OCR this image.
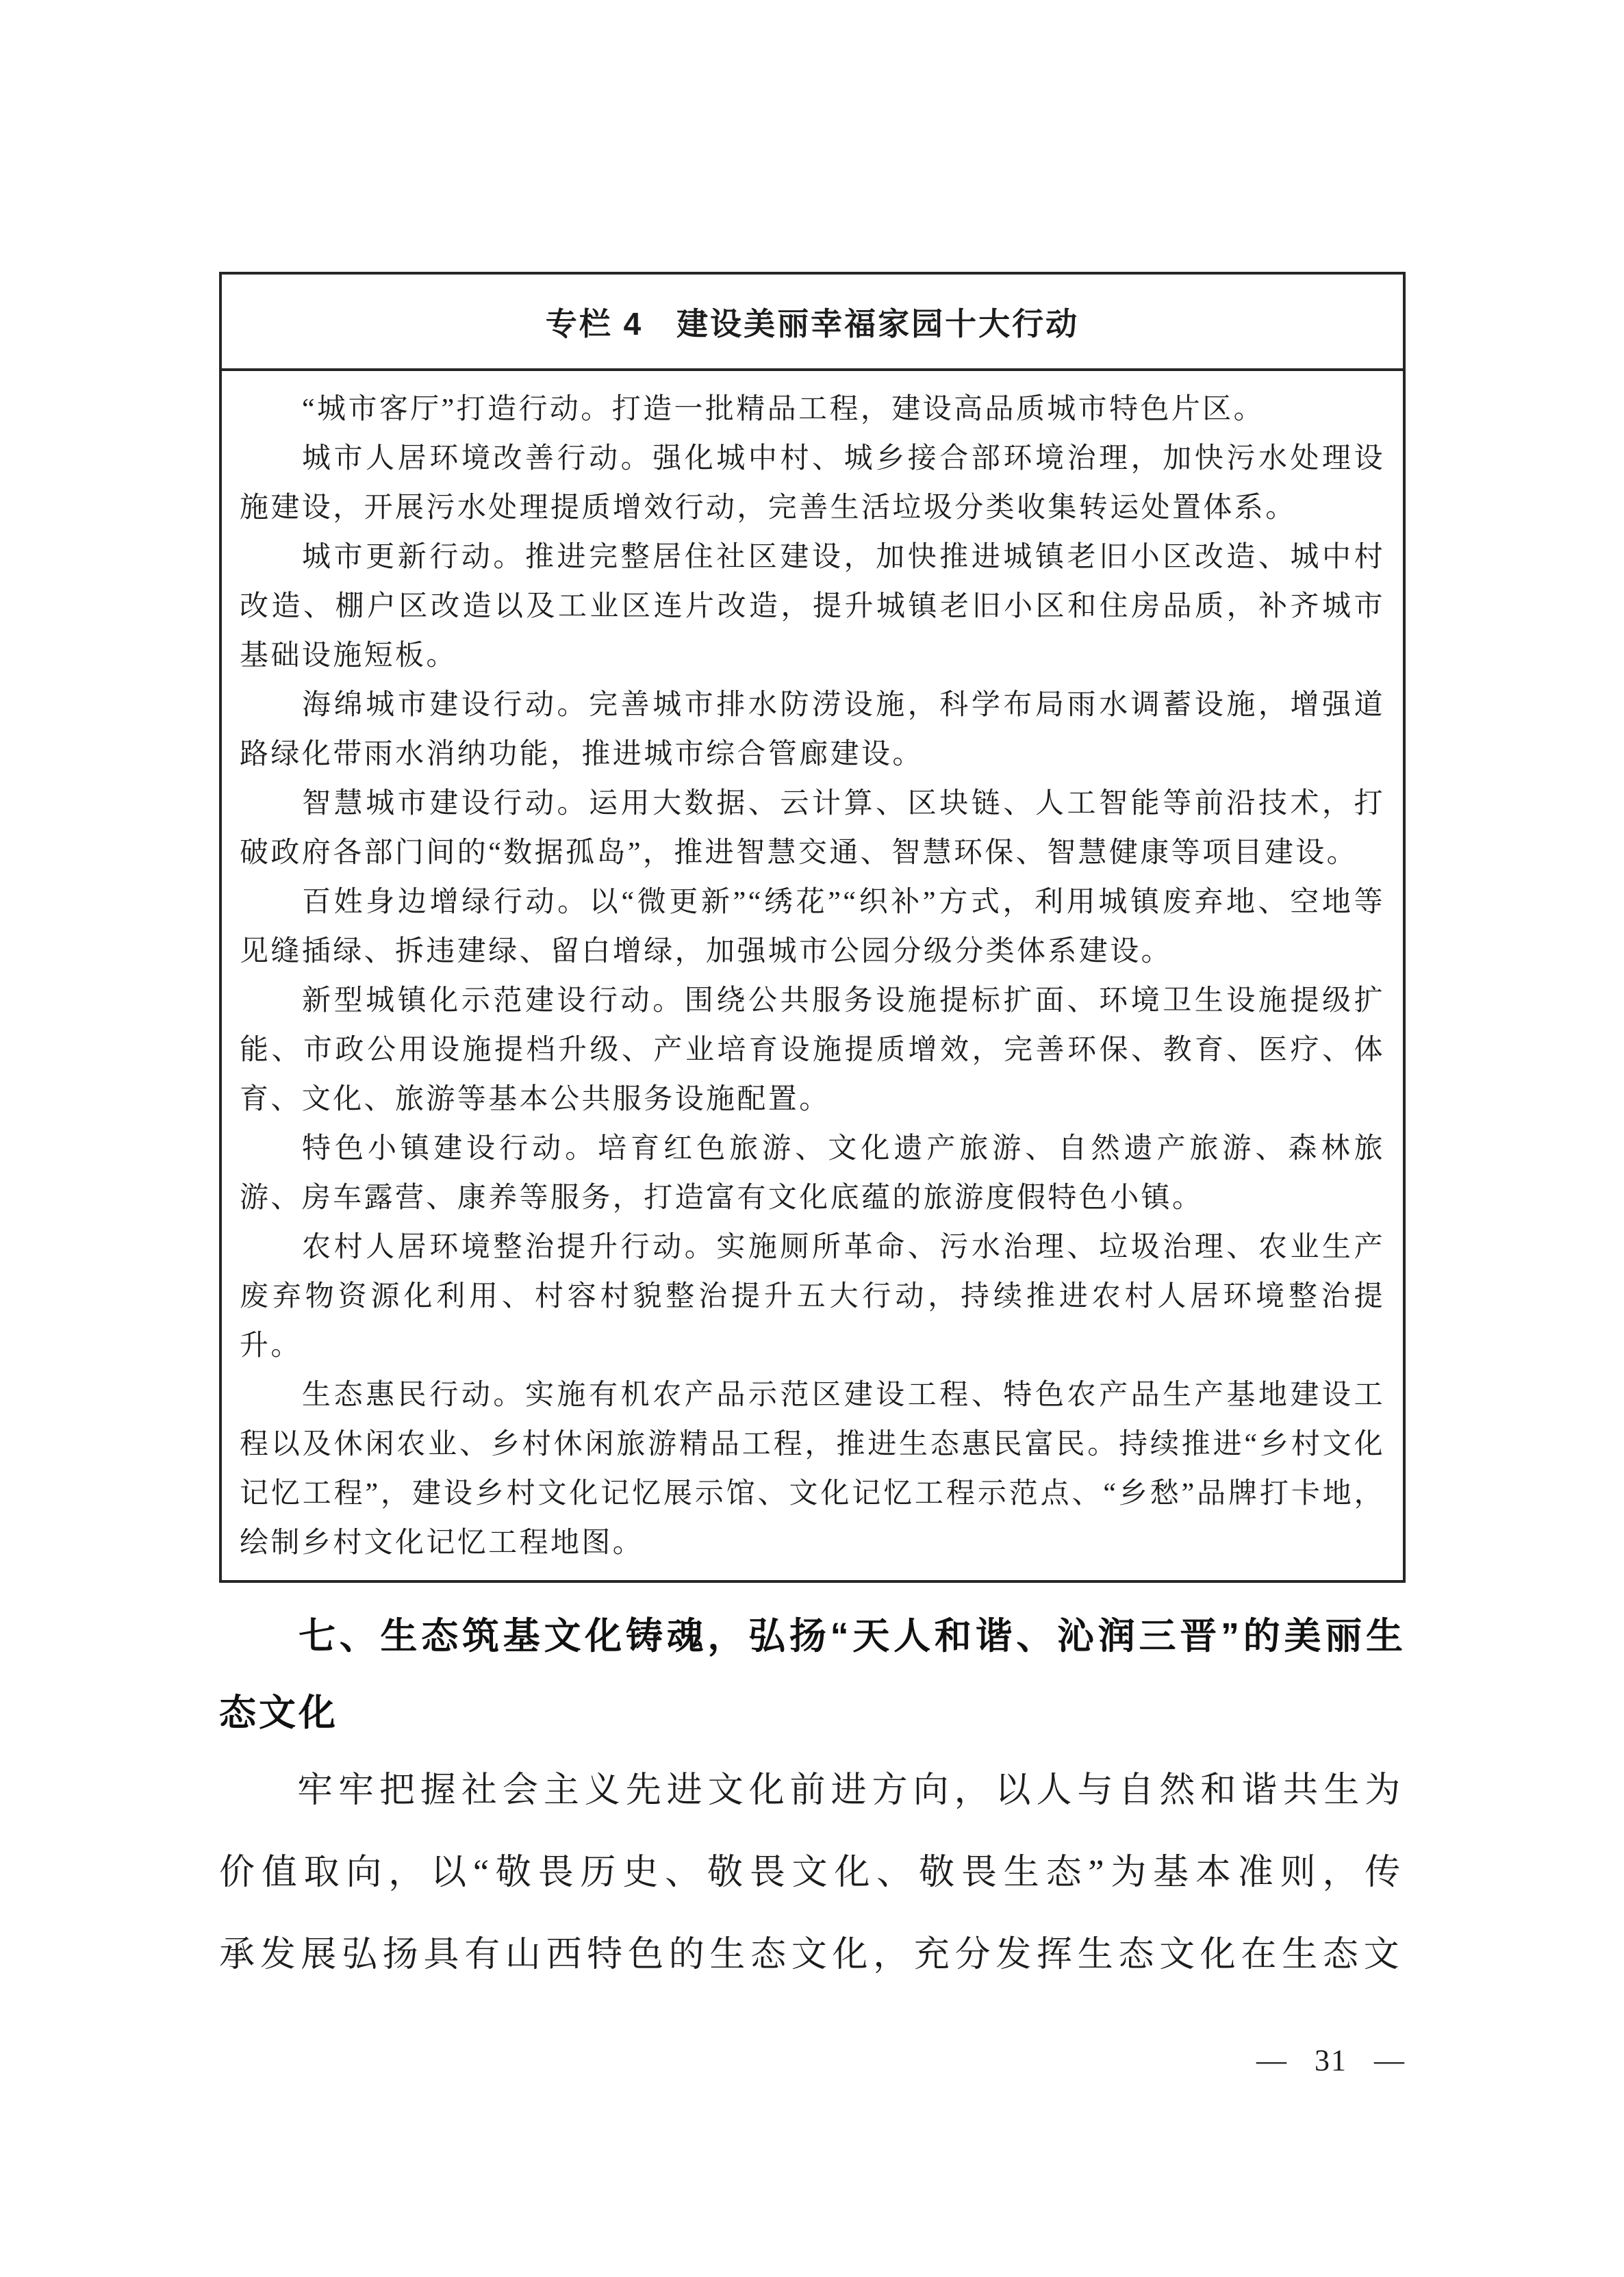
专栏 4　建设美丽幸福家园十大行动

“城市客厅”打造行动。打造一批精品工程，建设高品质城市特色片区。

城市人居环境改善行动。强化城中村、城乡接合部环境治理，加快污水处理设施建设，开展污水处理提质增效行动，完善生活垃圾分类收集转运处置体系。

城市更新行动。推进完整居住社区建设，加快推进城镇老旧小区改造、城中村改造、棚户区改造以及工业区连片改造，提升城镇老旧小区和住房品质，补齐城市基础设施短板。

海绵城市建设行动。完善城市排水防涝设施，科学布局雨水调蓄设施，增强道路绿化带雨水消纳功能，推进城市综合管廊建设。

智慧城市建设行动。运用大数据、云计算、区块链、人工智能等前沿技术，打破政府各部门间的“数据孤岛”，推进智慧交通、智慧环保、智慧健康等项目建设。

百姓身边增绿行动。以“微更新”“绣花”“织补”方式，利用城镇废弃地、空地等见缝插绿、拆违建绿、留白增绿，加强城市公园分级分类体系建设。

新型城镇化示范建设行动。围绕公共服务设施提标扩面、环境卫生设施提级扩能、市政公用设施提档升级、产业培育设施提质增效，完善环保、教育、医疗、体育、文化、旅游等基本公共服务设施配置。

特色小镇建设行动。培育红色旅游、文化遗产旅游、自然遗产旅游、森林旅游、房车露营、康养等服务，打造富有文化底蕴的旅游度假特色小镇。

农村人居环境整治提升行动。实施厕所革命、污水治理、垃圾治理、农业生产废弃物资源化利用、村容村貌整治提升五大行动，持续推进农村人居环境整治提升。

生态惠民行动。实施有机农产品示范区建设工程、特色农产品生产基地建设工程以及休闲农业、乡村休闲旅游精品工程，推进生态惠民富民。持续推进“乡村文化记忆工程”，建设乡村文化记忆展示馆、文化记忆工程示范点、“乡愁”品牌打卡地，绘制乡村文化记忆工程地图。

七、生态筑基文化铸魂，弘扬“天人和谐、沁润三晋”的美丽生态文化

牢牢把握社会主义先进文化前进方向，以人与自然和谐共生为价值取向，以“敬畏历史、敬畏文化、敬畏生态”为基本准则，传承发展弘扬具有山西特色的生态文化，充分发挥生态文化在生态文

— 31 —
